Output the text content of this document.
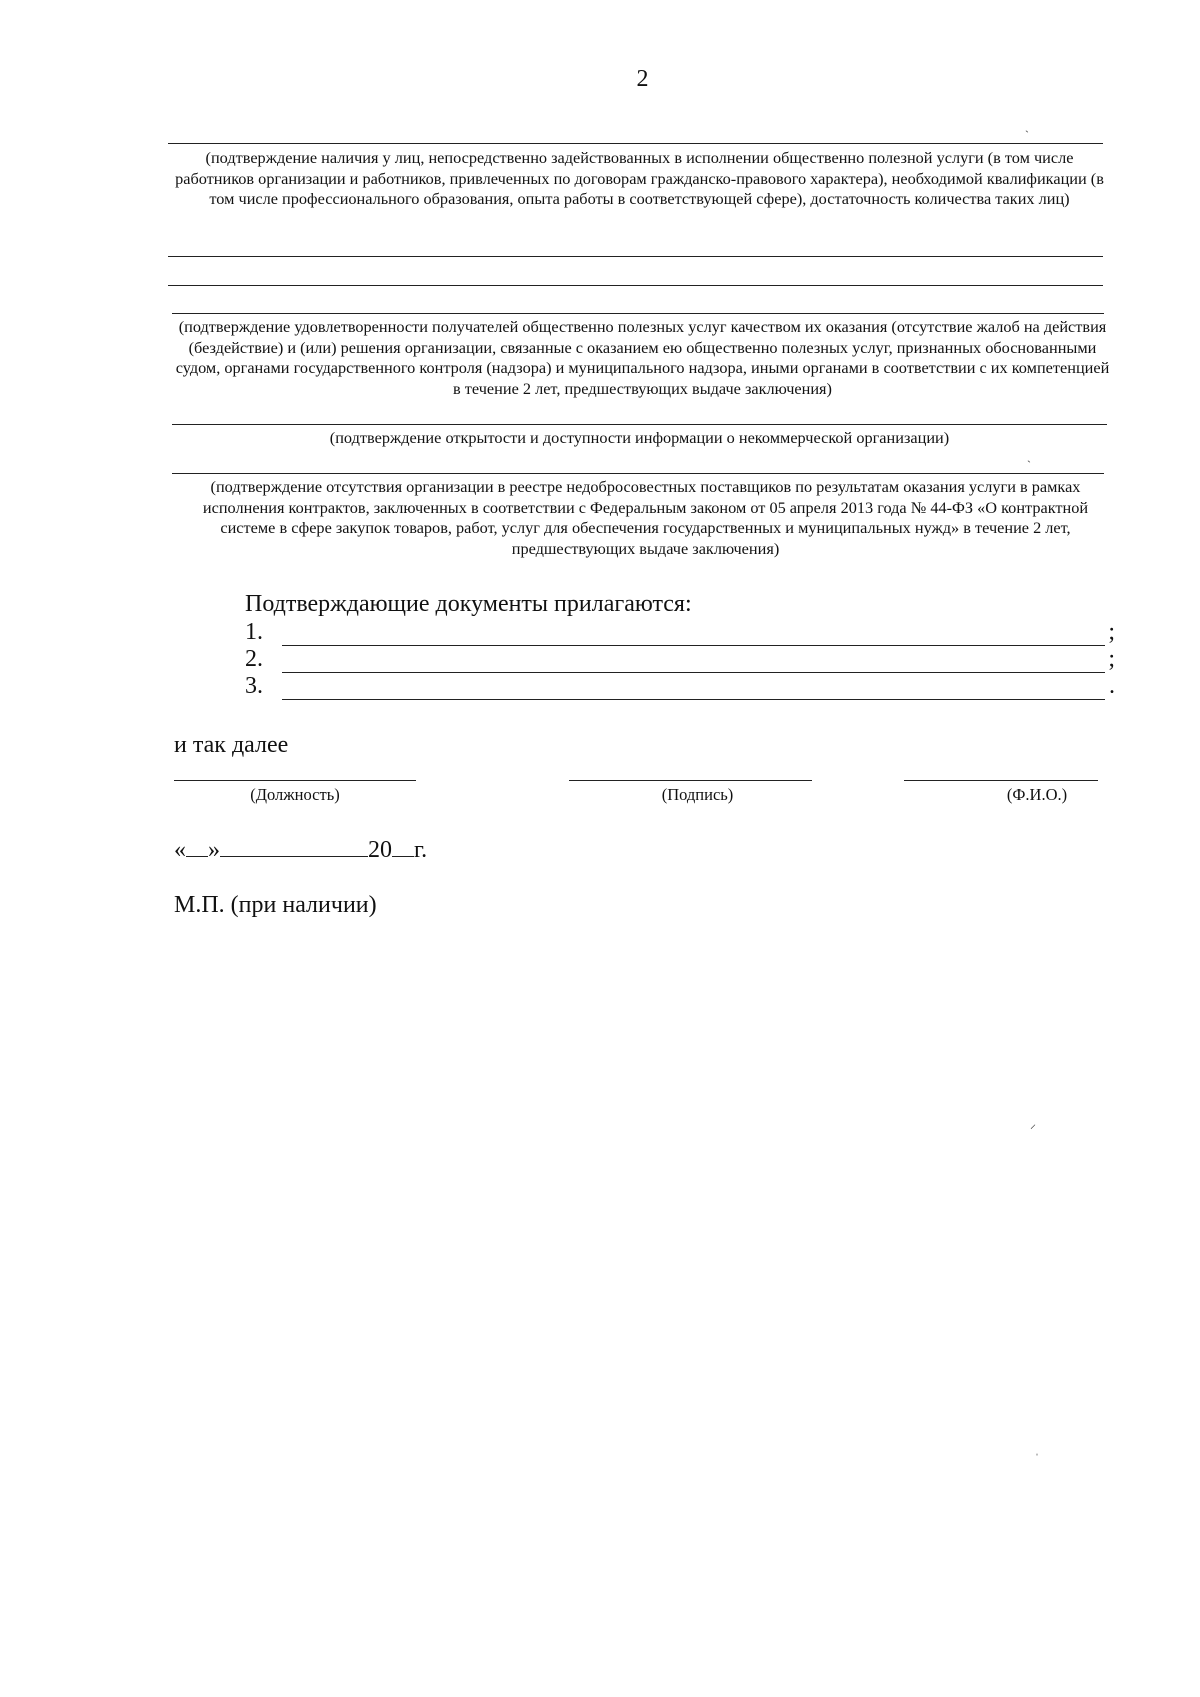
2
ˋ
(подтверждение наличия у лиц, непосредственно задействованных в исполнении общественно полезной услуги (в том числе работников организации и работников, привлеченных по договорам гражданско-правового характера), необходимой квалификации (в том числе профессионального образования, опыта работы в соответствующей сфере), достаточность количества таких лиц)
(подтверждение удовлетворенности получателей общественно полезных услуг качеством их оказания (отсутствие жалоб на действия (бездействие) и (или) решения организации, связанные с оказанием ею общественно полезных услуг, признанных обоснованными судом, органами государственного контроля (надзора) и муниципального надзора, иными органами в соответствии с их компетенцией в течение 2 лет, предшествующих выдаче заключения)
(подтверждение открытости и доступности информации о некоммерческой организации)
ˋ
(подтверждение отсутствия организации в реестре недобросовестных поставщиков по результатам оказания услуги в рамках исполнения контрактов, заключенных в соответствии с Федеральным законом от 05 апреля 2013 года № 44-ФЗ «О контрактной системе в сфере закупок товаров, работ, услуг для обеспечения государственных и муниципальных нужд» в течение 2 лет, предшествующих выдаче заключения)
Подтверждающие документы прилагаются:
1.	;
2.	;
3.	.
и так далее
(Должность)	(Подпись)	(Ф.И.О.)
« »	20 г.
М.П. (при наличии)
⸝
ˌ
